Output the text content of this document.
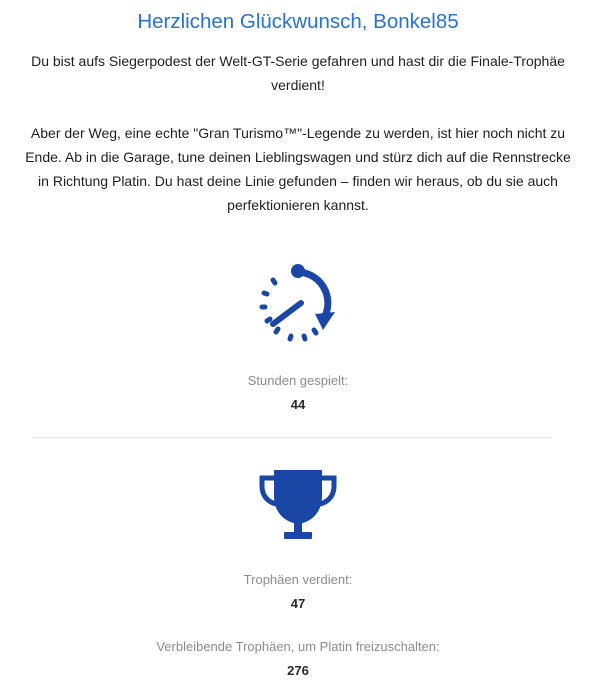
Herzlichen Glückwunsch, Bonkel85

Du bist aufs Siegerpodest der Welt-GT-Serie gefahren und hast dir die Finale-Trophäe verdient!

Aber der Weg, eine echte "Gran Turismo™"-Legende zu werden, ist hier noch nicht zu Ende. Ab in die Garage, tune deinen Lieblingswagen und stürz dich auf die Rennstrecke in Richtung Platin. Du hast deine Linie gefunden – finden wir heraus, ob du sie auch perfektionieren kannst.

Stunden gespielt:
44
Trophäen verdient:
47
Verbleibende Trophäen, um Platin freizuschalten:
276
